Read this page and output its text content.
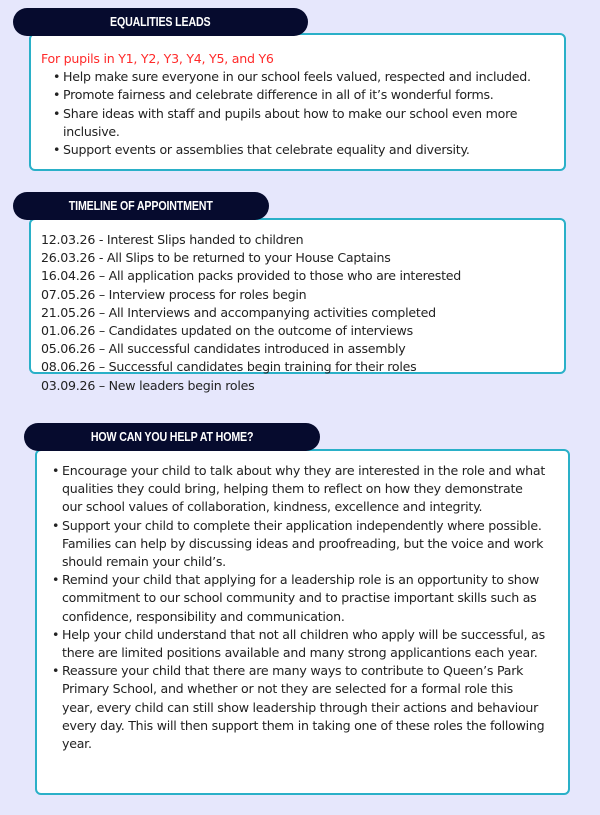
EQUALITIES LEADS
For pupils in Y1, Y2, Y3, Y4, Y5, and Y6
• Help make sure everyone in our school feels valued, respected and included.
• Promote fairness and celebrate difference in all of it’s wonderful forms.
• Share ideas with staff and pupils about how to make our school even more inclusive.
• Support events or assemblies that celebrate equality and diversity.
TIMELINE OF APPOINTMENT
12.03.26 - Interest Slips handed to children
26.03.26 - All Slips to be returned to your House Captains
16.04.26 – All application packs provided to those who are interested
07.05.26 – Interview process for roles begin
21.05.26 – All Interviews and accompanying activities completed
01.06.26 – Candidates updated on the outcome of interviews
05.06.26 – All successful candidates introduced in assembly
08.06.26 – Successful candidates begin training for their roles
03.09.26 – New leaders begin roles
HOW CAN YOU HELP AT HOME?
• Encourage your child to talk about why they are interested in the role and what qualities they could bring, helping them to reflect on how they demonstrate our school values of collaboration, kindness, excellence and integrity.
• Support your child to complete their application independently where possible. Families can help by discussing ideas and proofreading, but the voice and work should remain your child’s.
• Remind your child that applying for a leadership role is an opportunity to show commitment to our school community and to practise important skills such as confidence, responsibility and communication.
• Help your child understand that not all children who apply will be successful, as there are limited positions available and many strong applicantions each year.
• Reassure your child that there are many ways to contribute to Queen’s Park Primary School, and whether or not they are selected for a formal role this year, every child can still show leadership through their actions and behaviour every day. This will then support them in taking one of these roles the following year.
